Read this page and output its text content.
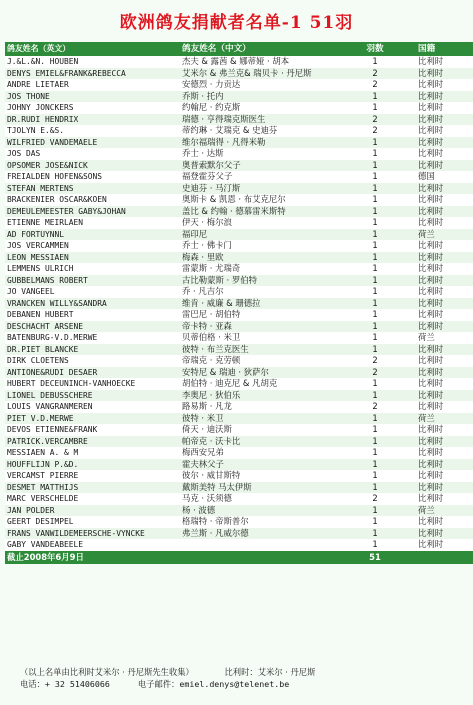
欧洲鸽友捐献者名单-1 51羽
鸽友姓名（英文）	鸽友姓名（中文）	羽数	国籍
J.&L.&N. HOUBEN	杰夫 & 露茜 & 娜蒂娅 · 胡本	1	比利时
DENYS EMIEL&FRANK&REBECCA	艾米尔 & 弗兰克& 瑞贝卡 · 丹尼斯	2	比利时
ANDRE LIETAER	安德烈 · 力贡达	2	比利时
JOS THONE	乔斯 · 托内	1	比利时
JOHNY JONCKERS	约翰尼 · 约克斯	1	比利时
DR.RUDI HENDRIX	瑞德 · 亨得瑞克斯医生	2	比利时
TJOLYN E.&S.	蒂约琳 · 艾瑞克 & 史迪芬	2	比利时
WILFRIED VANDEMAELE	维尔福瑞得 · 凡得米勒	1	比利时
JOS DAS	乔士 · 达斯	1	比利时
OPSOMER JOSE&NICK	奥普索默尔父子	1	比利时
FREIALDEN HOFEN&SONS	福登霍芬父子	1	德国
STEFAN MERTENS	史迪芬 · 马汀斯	1	比利时
BRACKENIER OSCAR&KOEN	奥斯卡 & 凯恩 · 布艾克尼尔	1	比利时
DEMEULEMEESTER GABY&JOHAN	盖比 & 约翰 · 德慕雷米斯特	1	比利时
ETIENNE MEIRLAEN	伊天 · 梅尔浪	1	比利时
AD FORTUYNNL	福印尼	1	荷兰
JOS VERCAMMEN	乔士 · 佛卡门	1	比利时
LEON MESSIAEN	梅森 · 里欧	1	比利时
LEMMENS ULRICH	雷蒙斯 · 尤瑞奇	1	比利时
GUBBELMANS ROBERT	古比勒蒙斯 · 罗伯特	1	比利时
JO VANGEEL	乔 · 凡吉尔	1	比利时
VRANCKEN WILLY&SANDRA	维肯 · 威廉 & 珊德拉	1	比利时
DEBANEN HUBERT	雷巴尼 · 胡伯特	1	比利时
DESCHACHT ARSENE	帝卡特 · 亚森	1	比利时
BATENBURG-V.D.MERWE	贝蒂伯格 · 米卫	1	荷兰
DR.PIET BLANCKE	彼特 · 布兰克医生	1	比利时
DIRK CLOETENS	帝瑞克 · 克劳顿	2	比利时
ANTIONE&RUDI DESAER	安特尼 & 瑞迪 · 狄萨尔	2	比利时
HUBERT DECEUNINCH-VANHOECKE	胡伯特 · 迪克尼 & 凡胡克	1	比利时
LIONEL DEBUSSCHERE	李奥尼 · 狄伯乐	1	比利时
LOUIS VANGRANMEREN	路易斯 · 凡龙	2	比利时
PIET V.D.MERWE	彼特 · 米卫	1	荷兰
DEVOS ETIENNE&FRANK	倚天 · 迪沃斯	1	比利时
PATRICK.VERCAMBRE	帕帝克 · 沃卡比	1	比利时
MESSIAEN A. & M	梅西安兄弟	1	比利时
HOUFFLIJN P.&D.	霍夫林父子	1	比利时
VERCAMST PIERRE	彼尔 · 威甘斯特	1	比利时
DESMET MATTHIJS	戴斯美特 马太伊斯	1	比利时
MARC VERSCHELDE	马克 · 沃须德	2	比利时
JAN POLDER	杨 · 波德	1	荷兰
GEERT DESIMPEL	格瑞特 · 帝斯普尔	1	比利时
FRANS VANWILDEMEERSCHE-VYNCKE	弗兰斯 · 凡威尔德	1	比利时
GABY VANDEABEELE		1	比利时
截止2008年6月9日		51	
（以上名单由比利时艾米尔 · 丹尼斯先生收集）	比利时：艾米尔 · 丹尼斯
电话：+ 32 51406066	电子邮件：emiel.denys@telenet.be
